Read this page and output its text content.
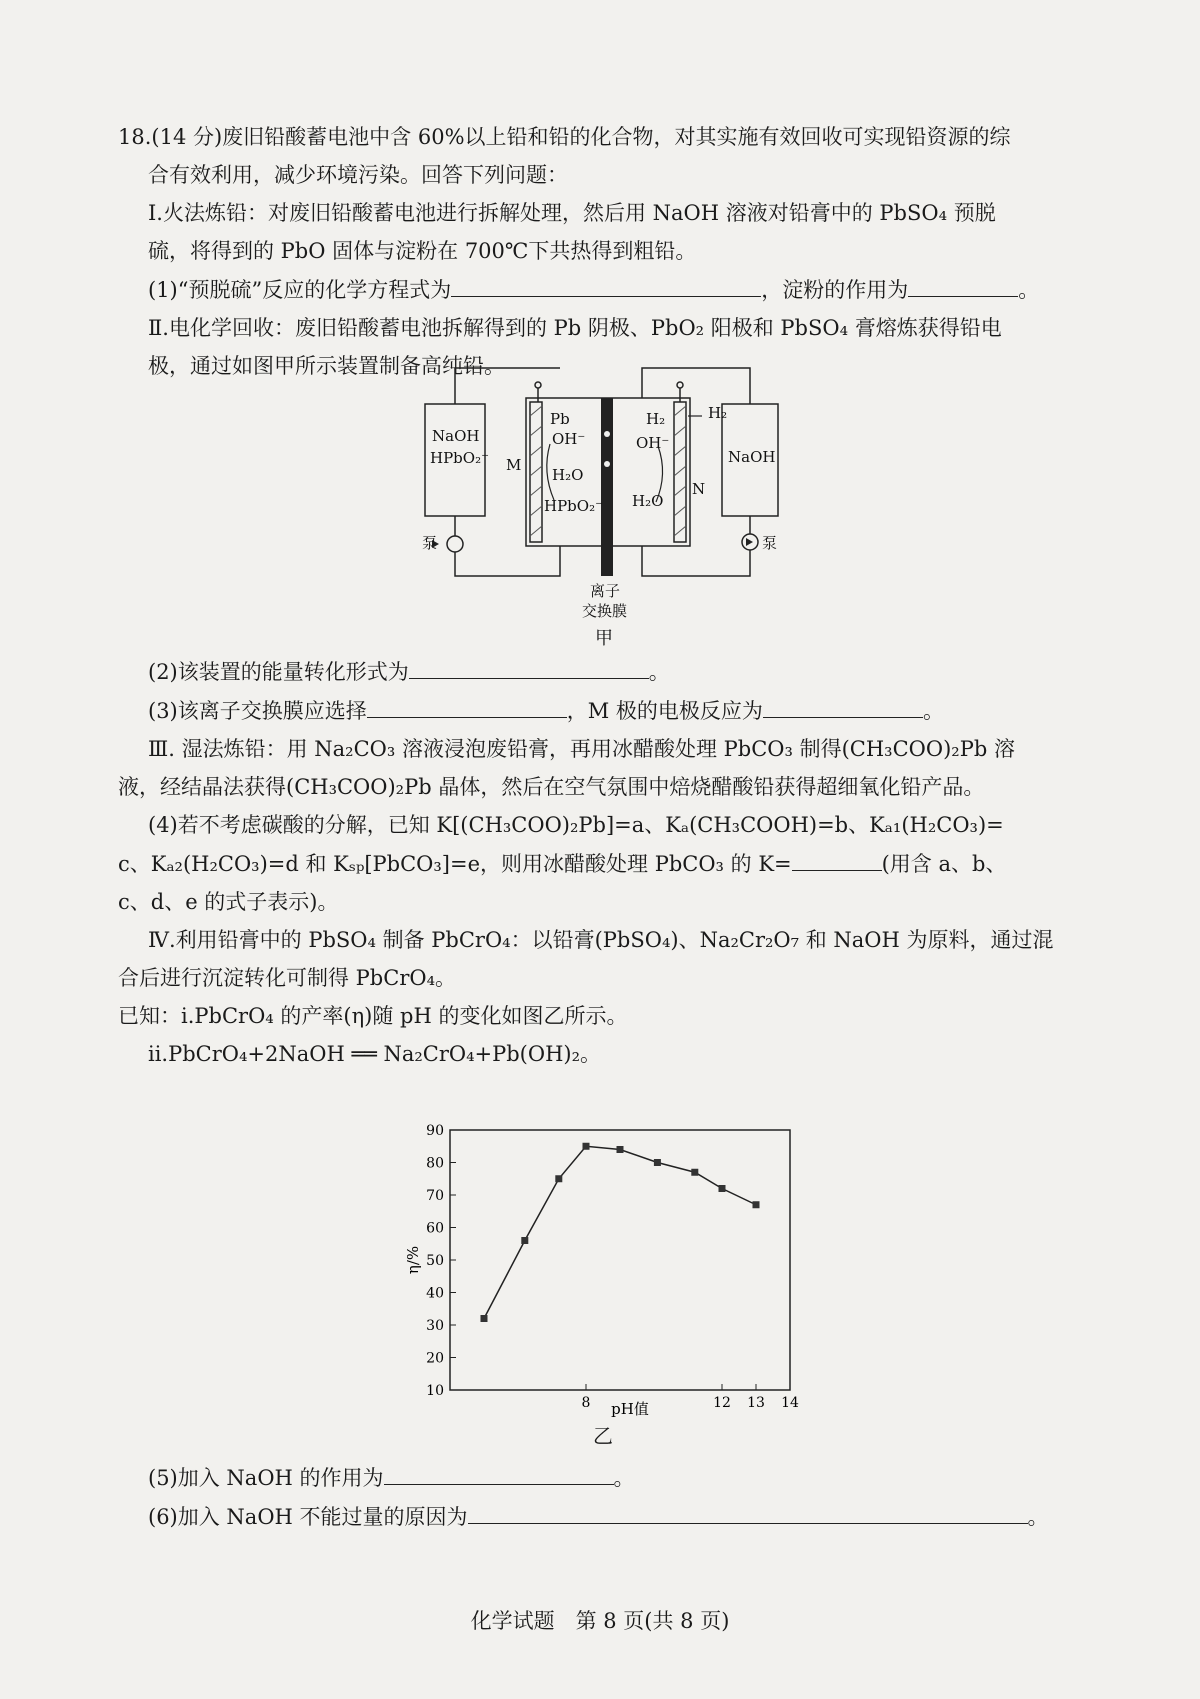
18.(14 分)废旧铅酸蓄电池中含 60%以上铅和铅的化合物，对其实施有效回收可实现铅资源的综
合有效利用，减少环境污染。回答下列问题：
Ⅰ.火法炼铅：对废旧铅酸蓄电池进行拆解处理，然后用 NaOH 溶液对铅膏中的 PbSO₄ 预脱
硫，将得到的 PbO 固体与淀粉在 700℃下共热得到粗铅。
(1)“预脱硫”反应的化学方程式为	，淀粉的作用为	。
Ⅱ.电化学回收：废旧铅酸蓄电池拆解得到的 Pb 阴极、PbO₂ 阳极和 PbSO₄ 膏熔炼获得铅电
极，通过如图甲所示装置制备高纯铅。
NaOH
HPbO₂⁻	NaOH
M
N
泵	泵
Pb
OH⁻
H₂O
HPbO₂⁻
H₂
H₂
OH⁻
H₂O
离子
交换膜
甲
(2)该装置的能量转化形式为	。
(3)该离子交换膜应选择	，M 极的电极反应为	。
Ⅲ. 湿法炼铅：用 Na₂CO₃ 溶液浸泡废铅膏，再用冰醋酸处理 PbCO₃ 制得(CH₃COO)₂Pb 溶
液，经结晶法获得(CH₃COO)₂Pb 晶体，然后在空气氛围中焙烧醋酸铅获得超细氧化铅产品。
(4)若不考虑碳酸的分解，已知 K[(CH₃COO)₂Pb]=a、Kₐ(CH₃COOH)=b、Kₐ₁(H₂CO₃)=
c、Kₐ₂(H₂CO₃)=d 和 Kₛₚ[PbCO₃]=e，则用冰醋酸处理 PbCO₃ 的 K=	(用含 a、b、
c、d、e 的式子表示)。
Ⅳ.利用铅膏中的 PbSO₄ 制备 PbCrO₄：以铅膏(PbSO₄)、Na₂Cr₂O₇ 和 NaOH 为原料，通过混
合后进行沉淀转化可制得 PbCrO₄。
已知：ⅰ.PbCrO₄ 的产率(η)随 pH 的变化如图乙所示。
ⅱ.PbCrO₄+2NaOH ══ Na₂CrO₄+Pb(OH)₂。
10
20
30
40
50
60
70
80
90
8	12 13 14
pH值
η/%
乙
(5)加入 NaOH 的作用为	。
(6)加入 NaOH 不能过量的原因为	。
化学试题　第 8 页(共 8 页)
